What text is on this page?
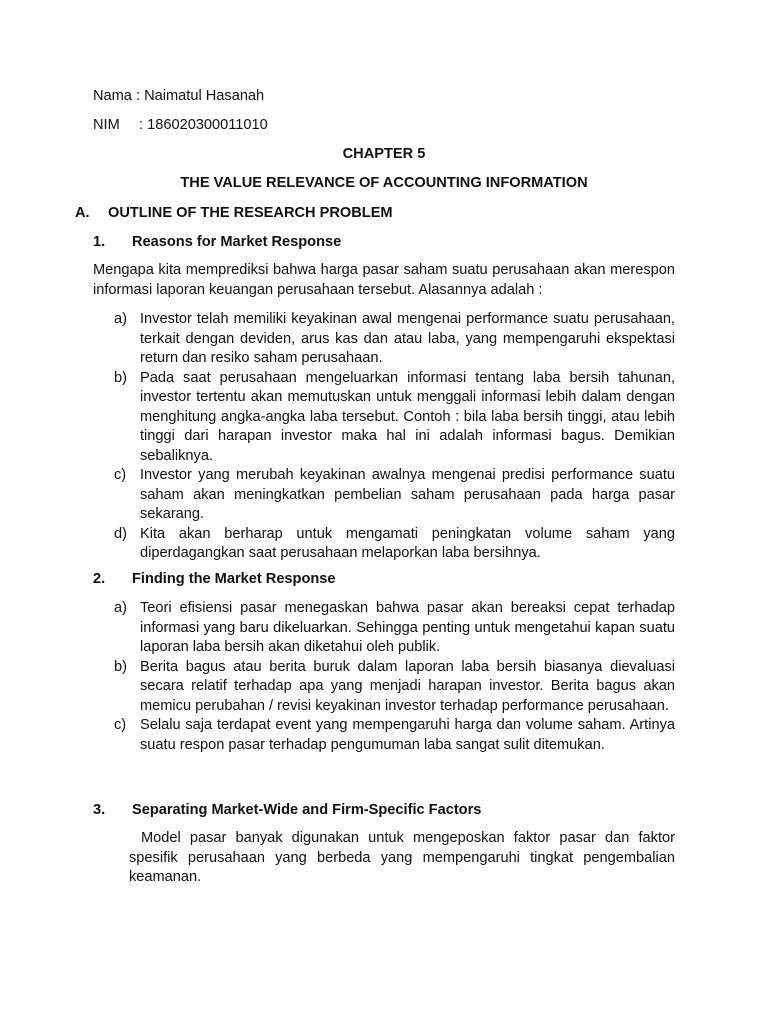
Nama : Naimatul Hasanah
NIM : 186020300011010
CHAPTER 5
THE VALUE RELEVANCE OF ACCOUNTING INFORMATION
A. OUTLINE OF THE RESEARCH PROBLEM
1. Reasons for Market Response
Mengapa kita memprediksi bahwa harga pasar saham suatu perusahaan akan merespon informasi laporan keuangan perusahaan tersebut. Alasannya adalah :
a) Investor telah memiliki keyakinan awal mengenai performance suatu perusahaan, terkait dengan deviden, arus kas dan atau laba, yang mempengaruhi ekspektasi return dan resiko saham perusahaan.
b) Pada saat perusahaan mengeluarkan informasi tentang laba bersih tahunan, investor tertentu akan memutuskan untuk menggali informasi lebih dalam dengan menghitung angka-angka laba tersebut. Contoh : bila laba bersih tinggi, atau lebih tinggi dari harapan investor maka hal ini adalah informasi bagus. Demikian sebaliknya.
c) Investor yang merubah keyakinan awalnya mengenai predisi performance suatu saham akan meningkatkan pembelian saham perusahaan pada harga pasar sekarang.
d) Kita akan berharap untuk mengamati peningkatan volume saham yang diperdagangkan saat perusahaan melaporkan laba bersihnya.
2. Finding the Market Response
a) Teori efisiensi pasar menegaskan bahwa pasar akan bereaksi cepat terhadap informasi yang baru dikeluarkan. Sehingga penting untuk mengetahui kapan suatu laporan laba bersih akan diketahui oleh publik.
b) Berita bagus atau berita buruk dalam laporan laba bersih biasanya dievaluasi secara relatif terhadap apa yang menjadi harapan investor. Berita bagus akan memicu perubahan / revisi keyakinan investor terhadap performance perusahaan.
c) Selalu saja terdapat event yang mempengaruhi harga dan volume saham. Artinya suatu respon pasar terhadap pengumuman laba sangat sulit ditemukan.
3. Separating Market-Wide and Firm-Specific Factors
Model pasar banyak digunakan untuk mengeposkan faktor pasar dan faktor spesifik perusahaan yang berbeda yang mempengaruhi tingkat pengembalian keamanan.
